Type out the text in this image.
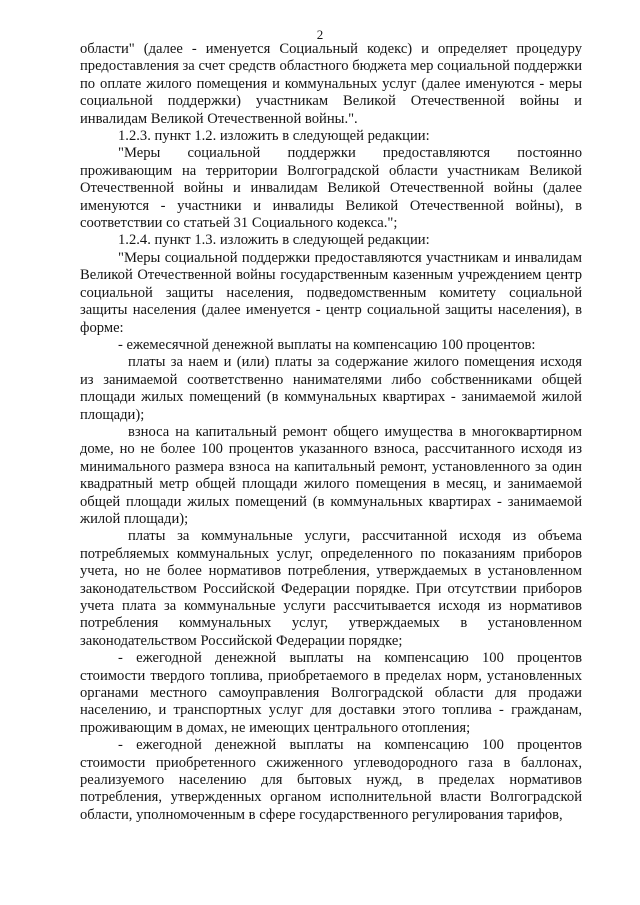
2

области" (далее - именуется Социальный кодекс) и определяет процедуру предоставления за счет средств областного бюджета мер социальной поддержки по оплате жилого помещения и коммунальных услуг (далее именуются - меры социальной поддержки) участникам Великой Отечественной войны и инвалидам Великой Отечественной войны.".

1.2.3. пункт 1.2. изложить в следующей редакции:

"Меры социальной поддержки предоставляются постоянно проживающим на территории Волгоградской области участникам Великой Отечественной войны и инвалидам Великой Отечественной войны (далее именуются - участники и инвалиды Великой Отечественной войны), в соответствии со статьей 31 Социального кодекса.";

1.2.4. пункт 1.3. изложить в следующей редакции:

"Меры социальной поддержки предоставляются участникам и инвалидам Великой Отечественной войны государственным казенным учреждением центр социальной защиты населения, подведомственным комитету социальной защиты населения (далее именуется - центр социальной защиты населения), в форме:

- ежемесячной денежной выплаты на компенсацию 100 процентов:

платы за наем и (или) платы за содержание жилого помещения исходя из занимаемой соответственно нанимателями либо собственниками общей площади жилых помещений (в коммунальных квартирах - занимаемой жилой площади);

взноса на капитальный ремонт общего имущества в многоквартирном доме, но не более 100 процентов указанного взноса, рассчитанного исходя из минимального размера взноса на капитальный ремонт, установленного за один квадратный метр общей площади жилого помещения в месяц, и занимаемой общей площади жилых помещений (в коммунальных квартирах - занимаемой жилой площади);

платы за коммунальные услуги, рассчитанной исходя из объема потребляемых коммунальных услуг, определенного по показаниям приборов учета, но не более нормативов потребления, утверждаемых в установленном законодательством Российской Федерации порядке. При отсутствии приборов учета плата за коммунальные услуги рассчитывается исходя из нормативов потребления коммунальных услуг, утверждаемых в установленном законодательством Российской Федерации порядке;

- ежегодной денежной выплаты на компенсацию 100 процентов стоимости твердого топлива, приобретаемого в пределах норм, установленных органами местного самоуправления Волгоградской области для продажи населению, и транспортных услуг для доставки этого топлива - гражданам, проживающим в домах, не имеющих центрального отопления;

- ежегодной денежной выплаты на компенсацию 100 процентов стоимости приобретенного сжиженного углеводородного газа в баллонах, реализуемого населению для бытовых нужд, в пределах нормативов потребления, утвержденных органом исполнительной власти Волгоградской области, уполномоченным в сфере государственного регулирования тарифов,
